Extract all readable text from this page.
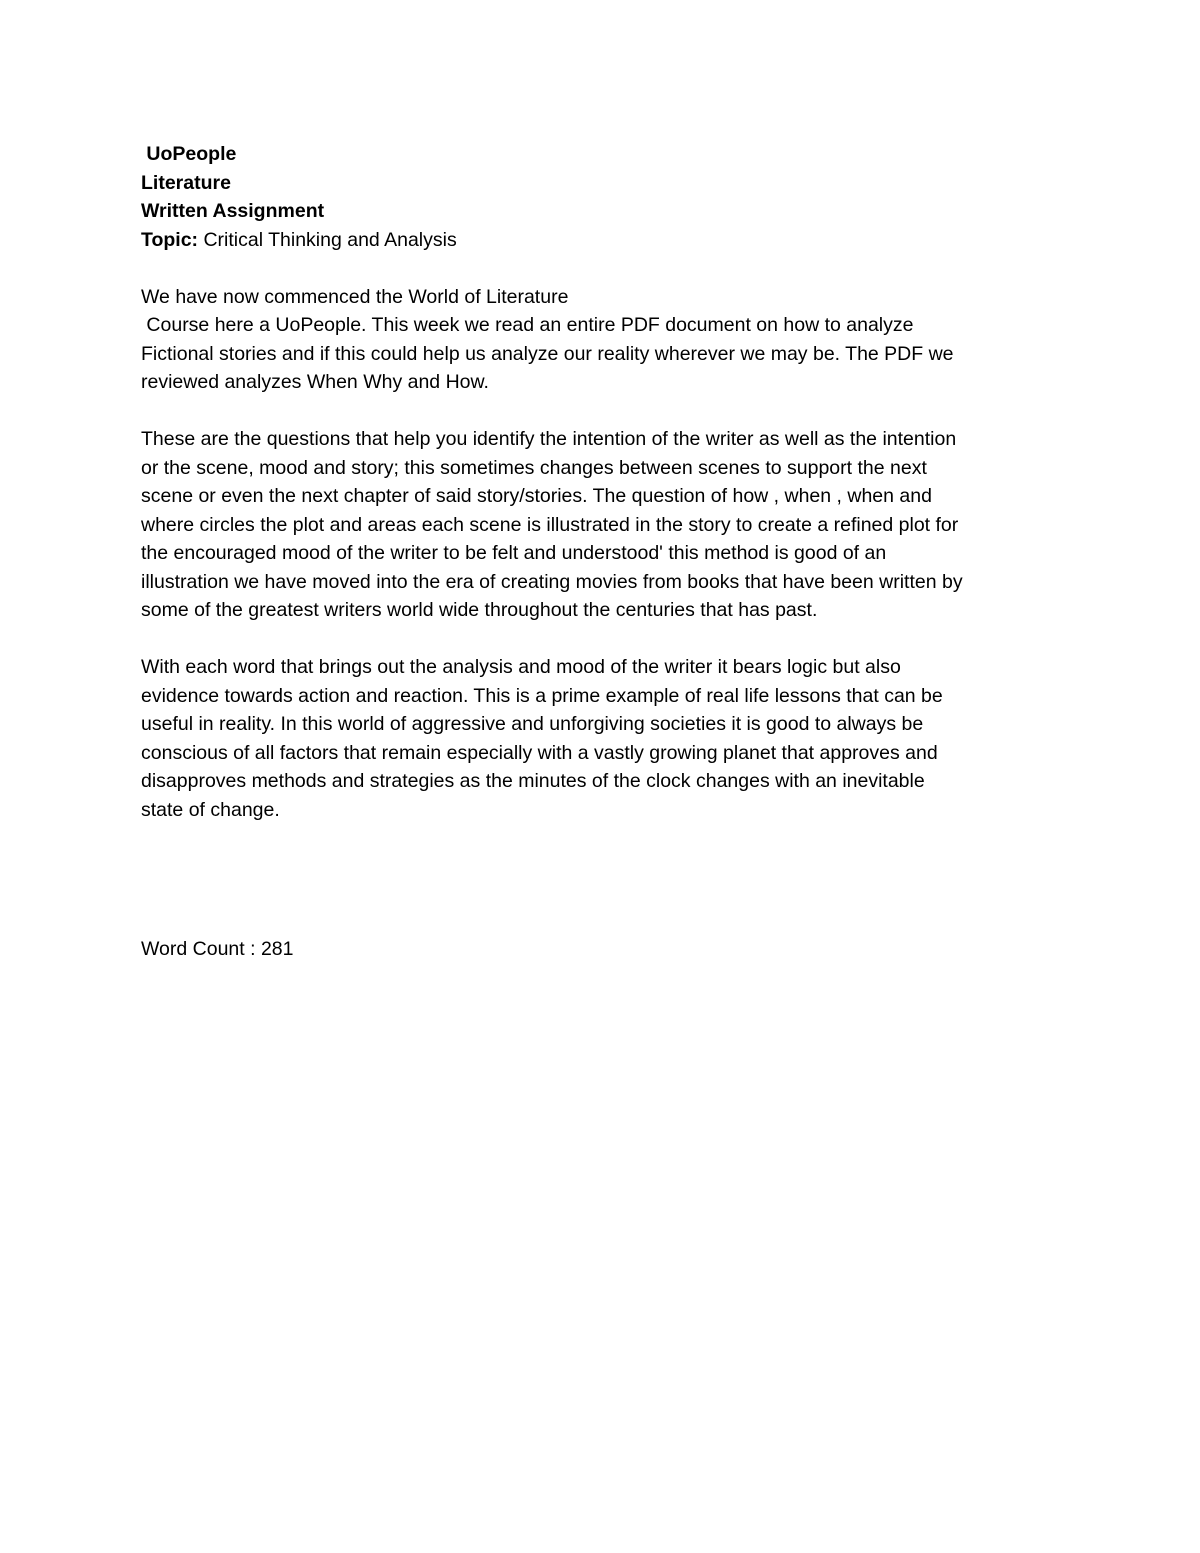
UoPeople
Literature
Written Assignment
Topic: Critical Thinking and Analysis
We have now commenced the World of Literature
Course here a UoPeople. This week we read an entire PDF document on how to analyze
Fictional stories and if this could help us analyze our reality wherever we may be. The PDF we
reviewed analyzes When Why and How.
These are the questions that help you identify the intention of the writer as well as the intention
or the scene, mood and story; this sometimes changes between scenes to support the next
scene or even the next chapter of said story/stories. The question of how , when , when and
where circles the plot and areas each scene is illustrated in the story to create a refined plot for
the encouraged mood of the writer to be felt and understood' this method is good of an
illustration we have moved into the era of creating movies from books that have been written by
some of the greatest writers world wide throughout the centuries that has past.
With each word that brings out the analysis and mood of the writer it bears logic but also
evidence towards action and reaction. This is a prime example of real life lessons that can be
useful in reality. In this world of aggressive and unforgiving societies it is good to always be
conscious of all factors that remain especially with a vastly growing planet that approves and
disapproves methods and strategies as the minutes of the clock changes with an inevitable
state of change.
Word Count : 281
